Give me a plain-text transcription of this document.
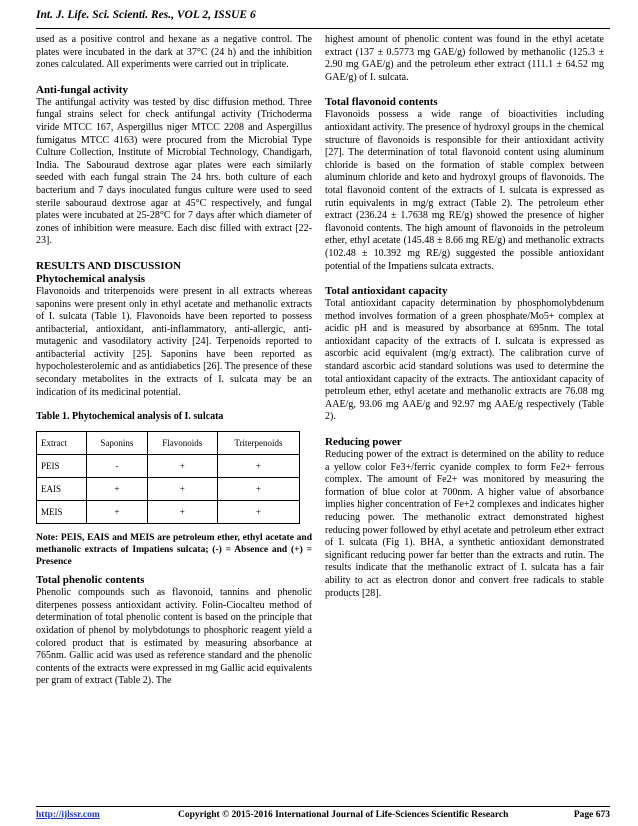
Int. J. Life. Sci. Scienti. Res., VOL 2, ISSUE 6

used as a positive control and hexane as a negative control. The plates were incubated in the dark at 37°C (24 h) and the inhibition zones calculated. All experiments were carried out in triplicate.

Anti-fungal activity

The antifungal activity was tested by disc diffusion method. Three fungal strains select for check antifungal activity (Trichoderma viride MTCC 167, Aspergillus niger MTCC 2208 and Aspergillus fumigatus MTCC 4163) were procured from the Microbial Type Culture Collection, Institute of Microbial Technology, Chandigarh, India. The Sabouraud dextrose agar plates were each similarly seeded with each fungal strain The 24 hrs. both culture of each bacterium and 7 days inoculated fungus culture were used to seed sterile sabouraud dextrose agar at 45°C respectively, and fungal plates were incubated at 25-28°C for 7 days after which diameter of zones of inhibition were measure. Each disc filled with extract [22-23].

RESULTS AND DISCUSSION
Phytochemical analysis

Flavonoids and triterpenoids were present in all extracts whereas saponins were present only in ethyl acetate and methanolic extracts of I. sulcata (Table 1). Flavonoids have been reported to possess antibacterial, antioxidant, anti-inflammatory, anti-allergic, anti-mutagenic and vasodilatory activity [24]. Terpenoids reported to antibacterial activity [25]. Saponins have been reported as hypocholesterolemic and as antidiabetics [26]. The presence of these secondary metabolites in the extracts of I. sulcata may be an indication of its medicinal potential.

Table 1. Phytochemical analysis of I. sulcata
Extract	Saponins	Flavonoids	Triterpenoids
PEIS	-	+	+
EAIS	+	+	+
MEIS	+	+	+
Note: PEIS, EAIS and MEIS are petroleum ether, ethyl acetate and methanolic extracts of Impatiens sulcata; (-) = Absence and (+) = Presence
Total phenolic contents

Phenolic compounds such as flavonoid, tannins and phenolic diterpenes possess antioxidant activity. Folin-Ciocalteu method of determination of total phenolic content is based on the principle that oxidation of phenol by molybdotungs to phosphoric reagent yield a colored product that is estimated by measuring absorbance at 765nm. Gallic acid was used as reference standard and the phenolic contents of the extracts were expressed in mg Gallic acid equivalents per gram of extract (Table 2). The

highest amount of phenolic content was found in the ethyl acetate extract (137 ± 0.5773 mg GAE/g) followed by methanolic (125.3 ± 2.90 mg GAE/g) and the petroleum ether extract (111.1 ± 64.52 mg GAE/g) of I. sulcata.

Total flavonoid contents

Flavonoids possess a wide range of bioactivities including antioxidant activity. The presence of hydroxyl groups in the chemical structure of flavonoids is responsible for their antioxidant activity [27]. The determination of total flavonoid content using aluminum chloride is based on the formation of stable complex between aluminum chloride and keto and hydroxyl groups of flavonoids. The total flavonoid content of the extracts of I. sulcata is expressed as rutin equivalents in mg/g extract (Table 2). The petroleum ether extract (236.24 ± 1.7638 mg RE/g) showed the presence of higher flavonoid contents. The high amount of flavonoids in the petroleum ether, ethyl acetate (145.48 ± 8.66 mg RE/g) and methanolic extracts (102.48 ± 10.392 mg RE/g) suggested the possible antioxidant potential of the Impatiens sulcata extracts.

Total antioxidant capacity

Total antioxidant capacity determination by phosphomolybdenum method involves formation of a green phosphate/Mo5+ complex at acidic pH and is measured by absorbance at 695nm. The total antioxidant capacity of the extracts of I. sulcata is expressed as ascorbic acid equivalent (mg/g extract). The calibration curve of standard ascorbic acid standard solutions was used to determine the total antioxidant capacity of the extracts. The antioxidant capacity of petroleum ether, ethyl acetate and methanolic extracts are 76.08 mg AAE/g, 93.06 mg AAE/g and 92.97 mg AAE/g respectively (Table 2).

Reducing power

Reducing power of the extract is determined on the ability to reduce a yellow color Fe3+/ferric cyanide complex to form Fe2+ ferrous complex. The amount of Fe2+ was monitored by measuring the formation of blue color at 700nm. A higher value of absorbance implies higher concentration of Fe+2 complexes and indicates higher reducing power. The methanolic extract demonstrated highest reducing power followed by ethyl acetate and petroleum ether extract of I. sulcata (Fig 1). BHA, a synthetic antioxidant demonstrated significant reducing power far better than the extracts and rutin. The results indicate that the methanolic extract of I. sulcata has a fair ability to act as electron donor and convert free radicals to stable products [28].

http://ijlssr.com	Copyright © 2015-2016 International Journal of Life-Sciences Scientific Research	Page 673
